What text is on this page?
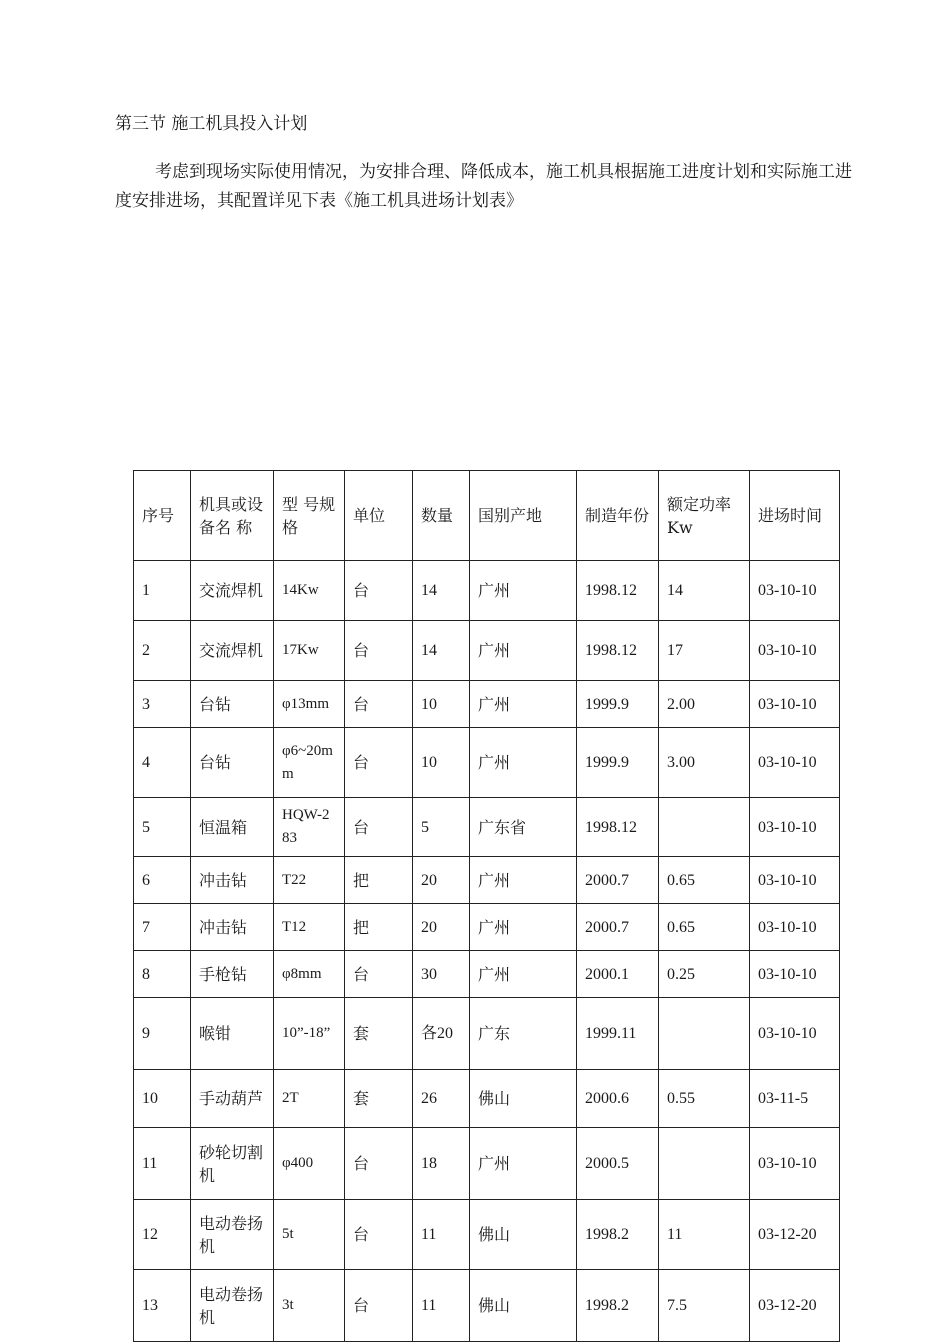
第三节 施工机具投入计划

考虑到现场实际使用情况，为安排合理、降低成本，施工机具根据施工进度计划和实际施工进度安排进场，其配置详见下表《施工机具进场计划表》

序号	机具或设备名 称	型 号规格	单位	数量	国别产地	制造年份	额定功率Kw	进场时间
1	交流焊机	14Kw	台	14	广州	1998.12	14	03-10-10
2	交流焊机	17Kw	台	14	广州	1998.12	17	03-10-10
3	台钻	φ13mm	台	10	广州	1999.9	2.00	03-10-10
4	台钻	φ6~20mm	台	10	广州	1999.9	3.00	03-10-10
5	恒温箱	HQW-283	台	5	广东省	1998.12		03-10-10
6	冲击钻	T22	把	20	广州	2000.7	0.65	03-10-10
7	冲击钻	T12	把	20	广州	2000.7	0.65	03-10-10
8	手枪钻	φ8mm	台	30	广州	2000.1	0.25	03-10-10
9	喉钳	10”-18”	套	各20	广东	1999.11		03-10-10
10	手动葫芦	2T	套	26	佛山	2000.6	0.55	03-11-5
11	砂轮切割机	φ400	台	18	广州	2000.5		03-10-10
12	电动卷扬机	5t	台	11	佛山	1998.2	11	03-12-20
13	电动卷扬机	3t	台	11	佛山	1998.2	7.5	03-12-20
